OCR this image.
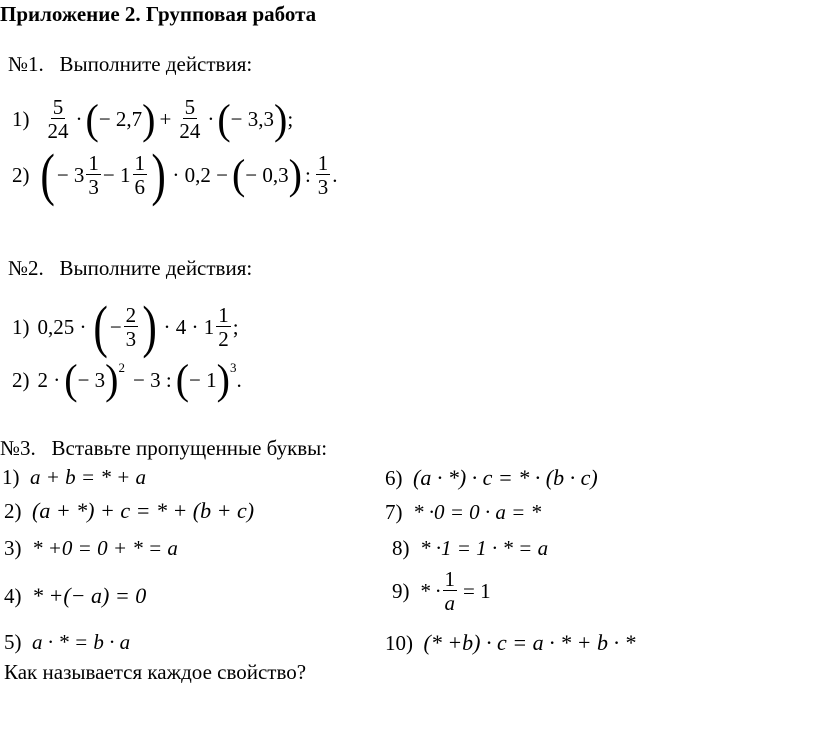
Приложение 2. Групповая работа
№1.   Выполните действия:
$1) \frac{5}{24}$ · ( − 2,7 ) + $\frac{5}{24}$ · ( − 3,3 ) ;
2) ( − $3 \frac{1}{3} - 1 \frac{1}{6}$ ) · 0,2 − ( − 0,3 ) : $\frac{1}{3}$ .
№2.   Выполните действия:
1) 0,25 · ( − $\frac{2}{3}$ ) · $4 \cdot 1 \frac{1}{2}$ ;
2) 2 · ( − 3 ) 2 − 3 : ( − 1 ) 3 .
№3.   Вставьте пропущенные буквы:
1) a + b = * + a
2) (a + *) + c = * + (b + c)
3) * +0 = 0 + * = a
4) * +(− a) = 0
5) a · * = b · a
6) (a · *) · c = * · (b · c)
7) * ·0 = 0 · a = *
8) * ·1 = 1 · * = a
9) * · $\frac{1}{a} = 1$
10) (* +b) · c = a · * + b · *
Как называется каждое свойство?
